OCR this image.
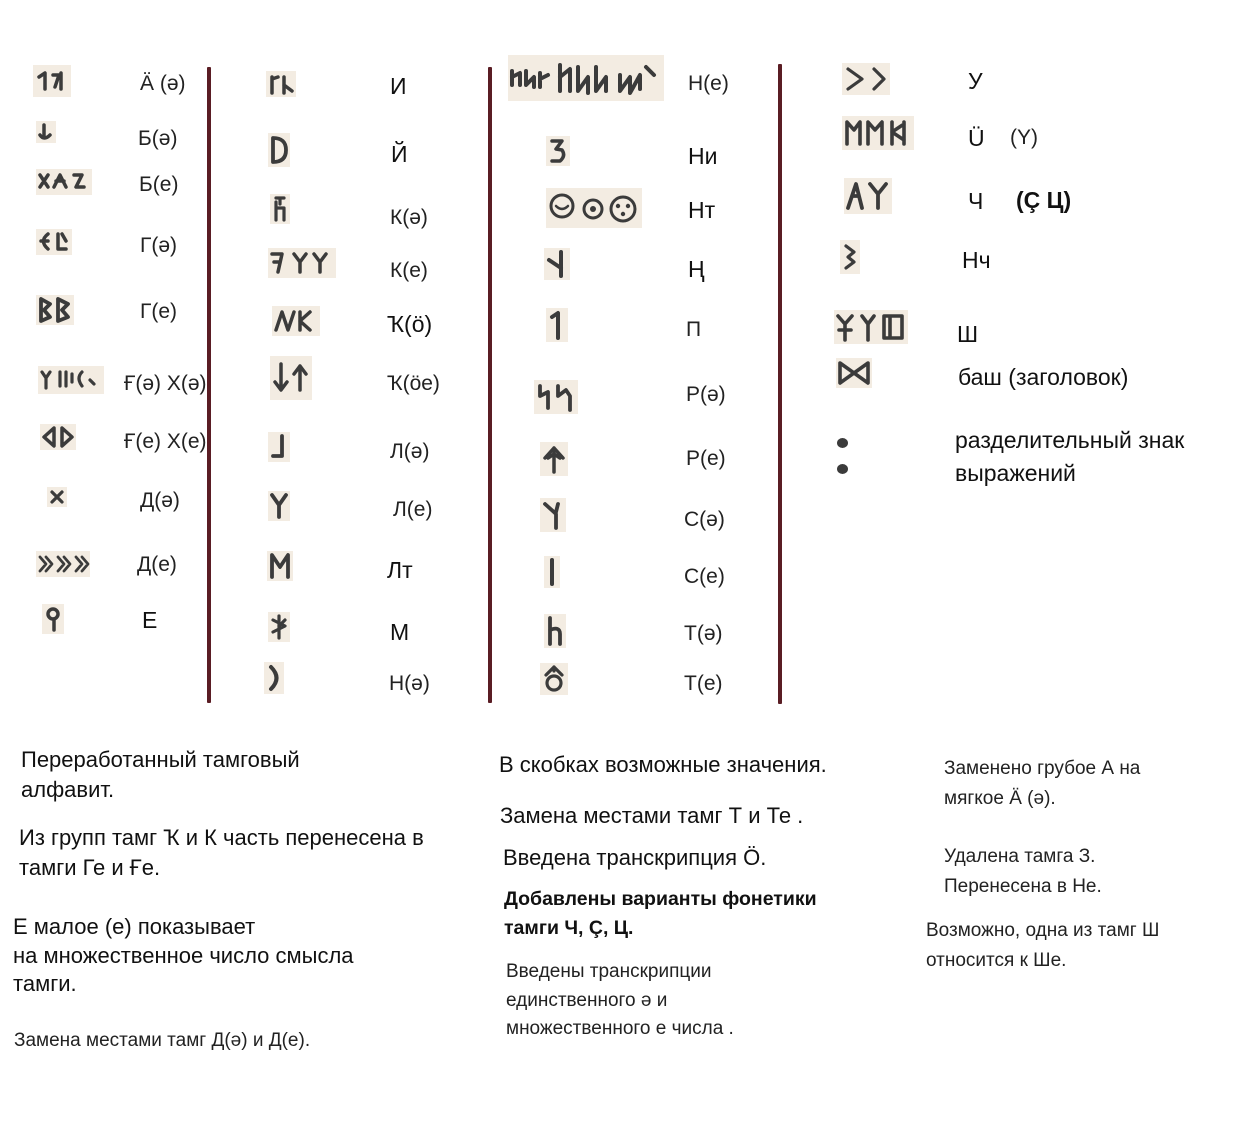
Ä (ə)
Б(ə)
Б(е)
Г(ə)
Г(е)
Ғ(ə) Х(ə)
Ғ(е) Х(е)
Д(ə)
Д(е)
Е
И
Й
К(ə)
К(е)
Ҡ(ö)
Ҡ(öе)
Л(ə)
Л(е)
Лт
М
Н(ə)
Н(е)
Ни
Нт
Ң
П
Р(ə)
Р(е)
С(ə)
С(е)
Т(ə)
Т(е)
У
Ü (Y)
Ч (Ç Ц)
Нч
Ш
баш (заголовок)
разделительный знак
выражений
Переработанный тамговый
алфавит.
Из групп тамг Ҡ и К часть перенесена в
тамги Ге и Ғе.
Е малое (е) показывает
на множественное число смысла
тамги.
Замена местами тамг Д(ə) и Д(е).
В скобках возможные значения.
Замена местами тамг Т и Те .
Введена транскрипция Ö.
Добавлены варианты фонетики
тамги Ч, Ç, Ц.
Введены транскрипции
единственного ə и
множественного е числа .
Заменено грубое А на
мягкое Ä (ə).
Удалена тамга З.
Перенесена в Не.
Возможно, одна из тамг Ш
относится к Ше.
